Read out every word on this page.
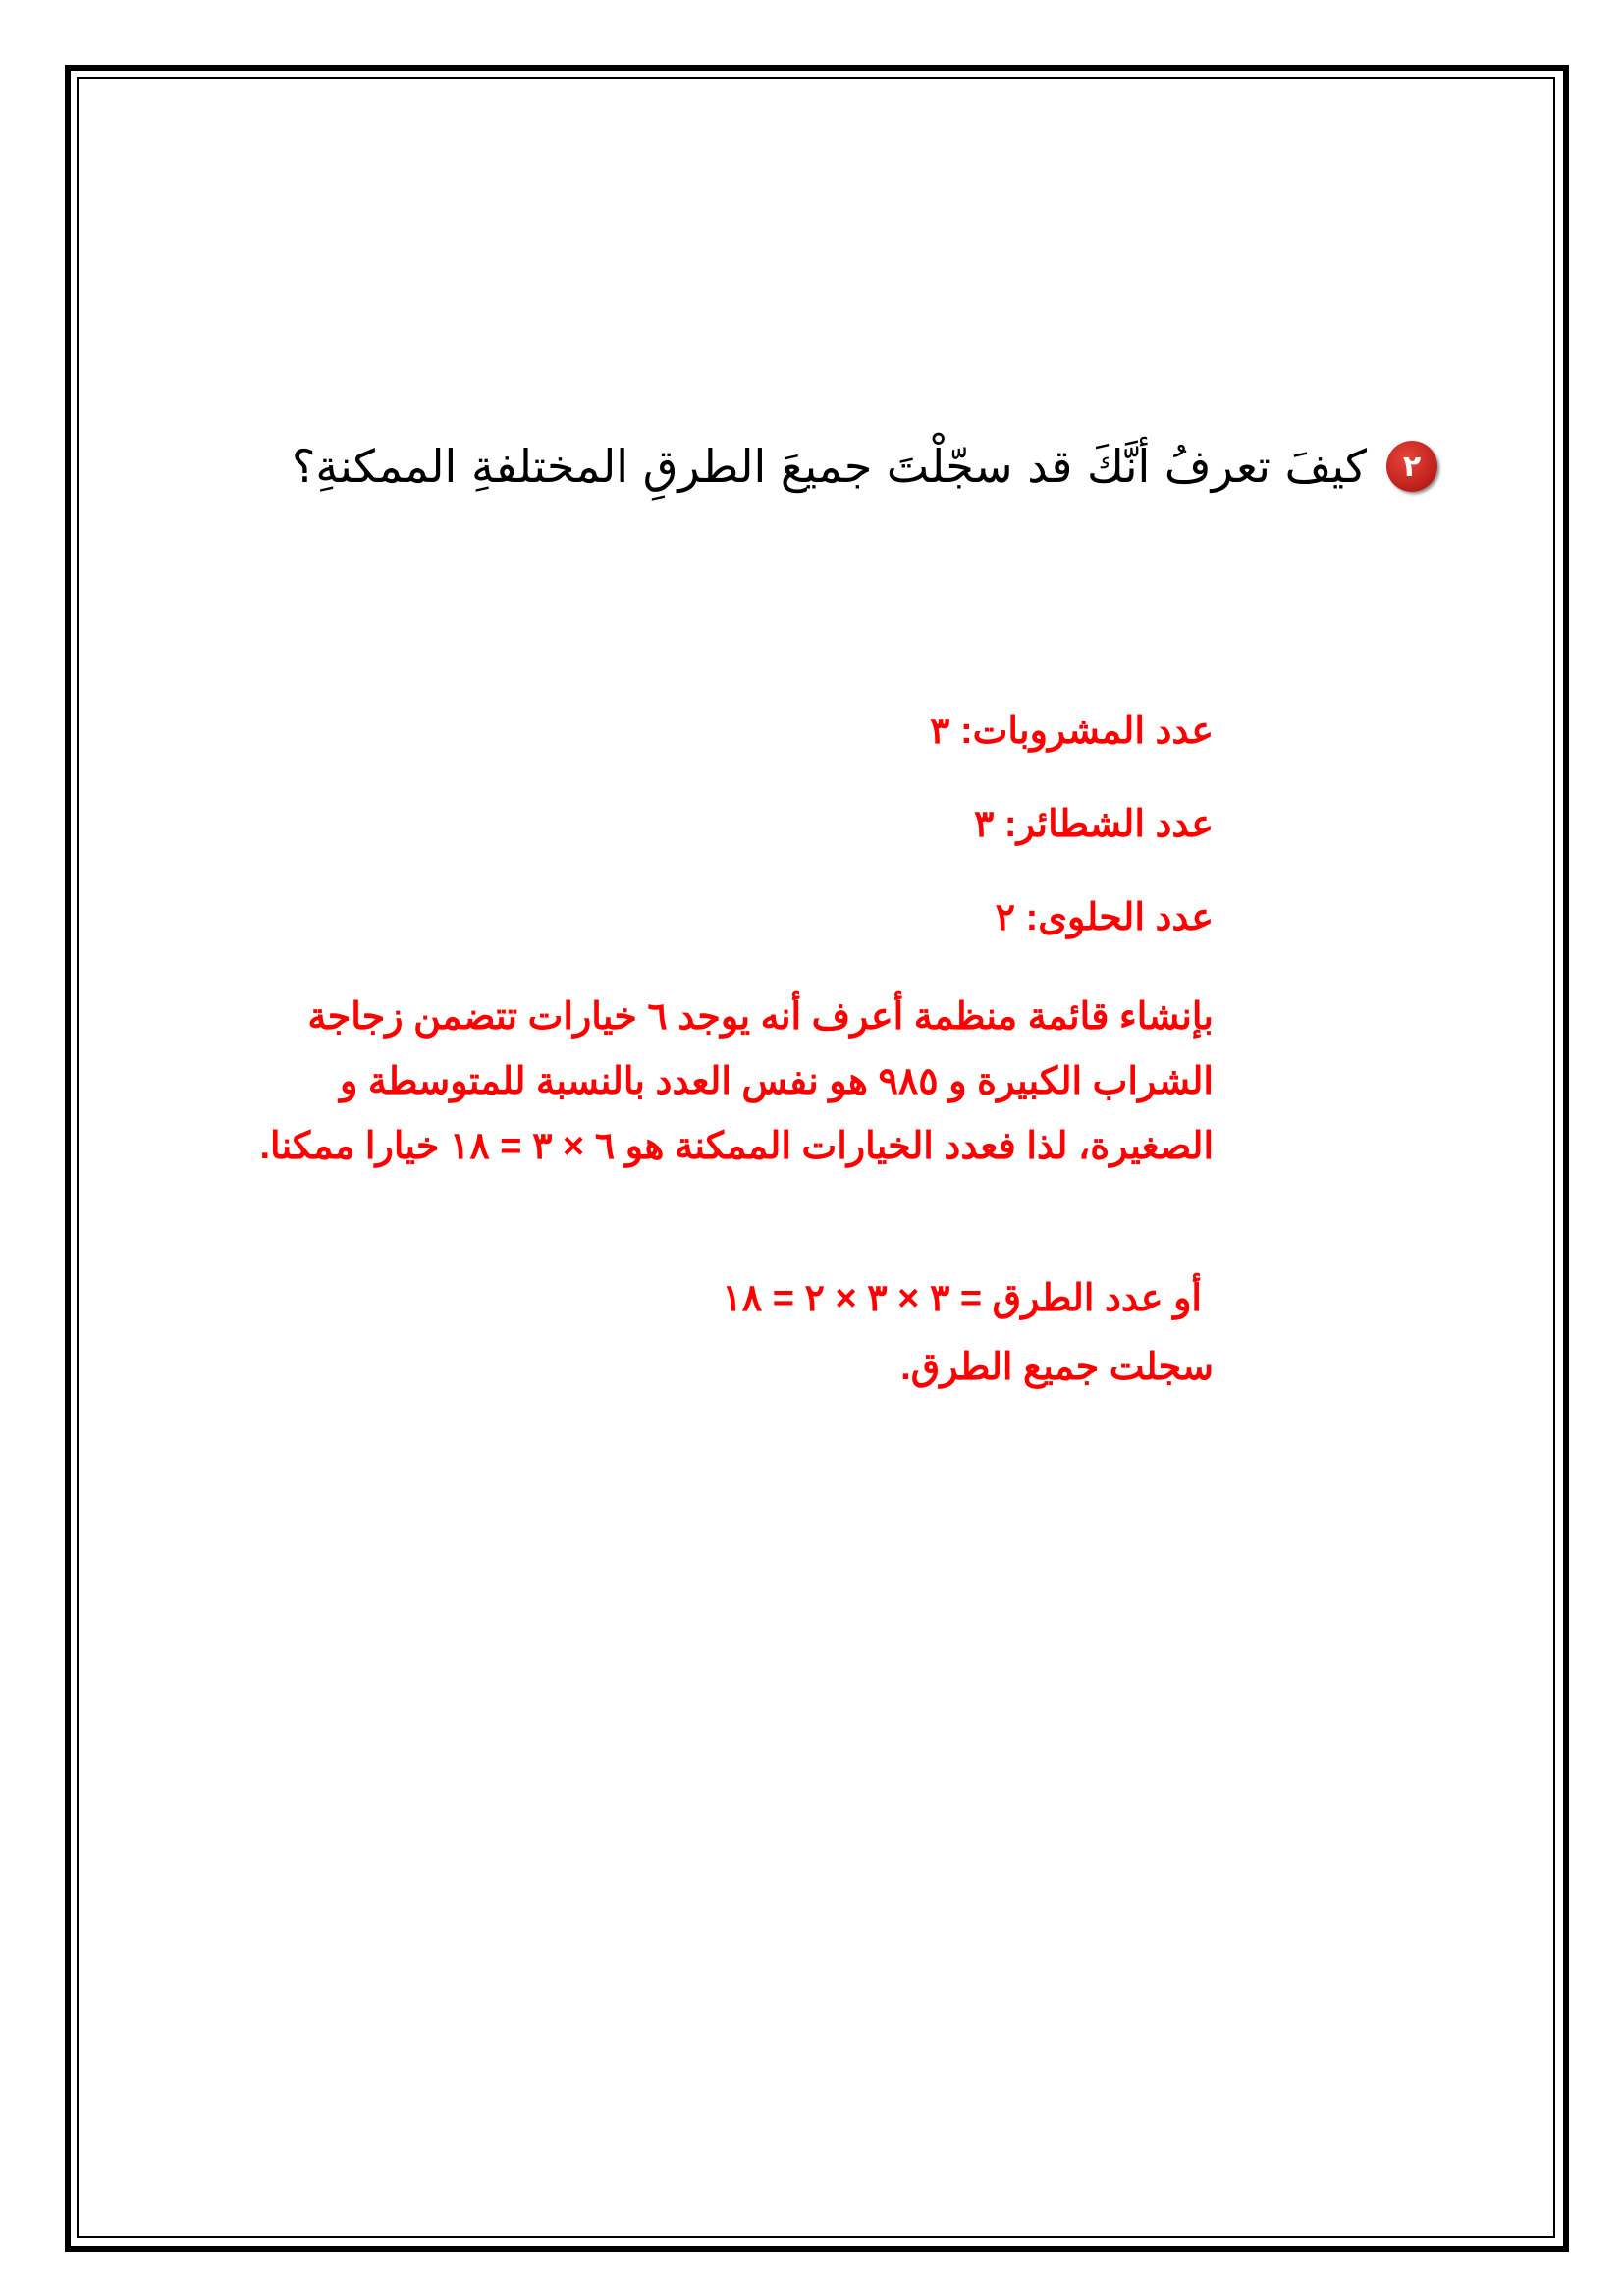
٢
كيفَ تعرفُ أنَّكَ قد سجّلْتَ جميعَ الطرقِ المختلفةِ الممكنةِ؟
عدد المشروبات: ٣
عدد الشطائر: ٣
عدد الحلوى: ٢
بإنشاء قائمة منظمة أعرف أنه يوجد ٦ خيارات تتضمن زجاجة الشراب الكبيرة و ٩٨٥ هو نفس العدد بالنسبة للمتوسطة و الصغيرة، لذا فعدد الخيارات الممكنة هو ٦ × ٣ = ١٨ خيارا ممكنا.
أو عدد الطرق = ٣ × ٣ × ٢ = ١٨
سجلت جميع الطرق.
